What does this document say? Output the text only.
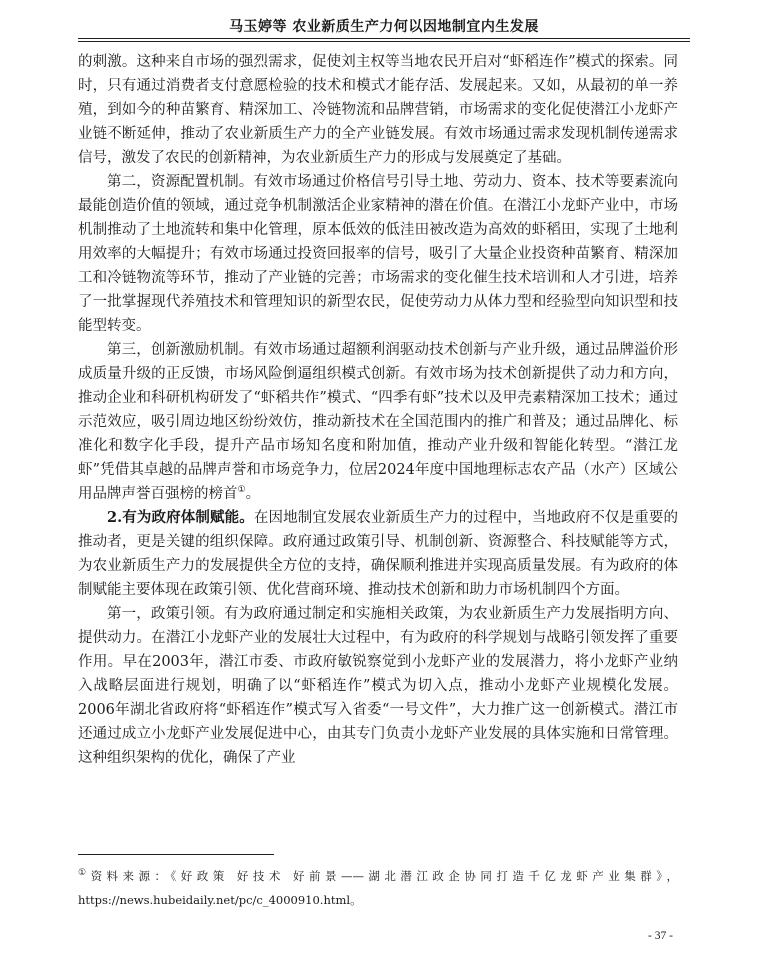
马玉婷等 农业新质生产力何以因地制宜内生发展

的刺激。这种来自市场的强烈需求，促使刘主权等当地农民开启对“虾稻连作”模式的探索。同时，只有通过消费者支付意愿检验的技术和模式才能存活、发展起来。又如，从最初的单一养殖，到如今的种苗繁育、精深加工、冷链物流和品牌营销，市场需求的变化促使潜江小龙虾产业链不断延伸，推动了农业新质生产力的全产业链发展。有效市场通过需求发现机制传递需求信号，激发了农民的创新精神，为农业新质生产力的形成与发展奠定了基础。

第二，资源配置机制。有效市场通过价格信号引导土地、劳动力、资本、技术等要素流向最能创造价值的领域，通过竞争机制激活企业家精神的潜在价值。在潜江小龙虾产业中，市场机制推动了土地流转和集中化管理，原本低效的低洼田被改造为高效的虾稻田，实现了土地利用效率的大幅提升；有效市场通过投资回报率的信号，吸引了大量企业投资种苗繁育、精深加工和冷链物流等环节，推动了产业链的完善；市场需求的变化催生技术培训和人才引进，培养了一批掌握现代养殖技术和管理知识的新型农民，促使劳动力从体力型和经验型向知识型和技能型转变。

第三，创新激励机制。有效市场通过超额利润驱动技术创新与产业升级，通过品牌溢价形成质量升级的正反馈，市场风险倒逼组织模式创新。有效市场为技术创新提供了动力和方向，推动企业和科研机构研发了“虾稻共作”模式、“四季有虾”技术以及甲壳素精深加工技术；通过示范效应，吸引周边地区纷纷效仿，推动新技术在全国范围内的推广和普及；通过品牌化、标准化和数字化手段，提升产品市场知名度和附加值，推动产业升级和智能化转型。“潜江龙虾”凭借其卓越的品牌声誉和市场竞争力，位居2024年度中国地理标志农产品（水产）区域公用品牌声誉百强榜的榜首①。

2.有为政府体制赋能。在因地制宜发展农业新质生产力的过程中，当地政府不仅是重要的推动者，更是关键的组织保障。政府通过政策引导、机制创新、资源整合、科技赋能等方式，为农业新质生产力的发展提供全方位的支持，确保顺利推进并实现高质量发展。有为政府的体制赋能主要体现在政策引领、优化营商环境、推动技术创新和助力市场机制四个方面。

第一，政策引领。有为政府通过制定和实施相关政策，为农业新质生产力发展指明方向、提供动力。在潜江小龙虾产业的发展壮大过程中，有为政府的科学规划与战略引领发挥了重要作用。早在2003年，潜江市委、市政府敏锐察觉到小龙虾产业的发展潜力，将小龙虾产业纳入战略层面进行规划，明确了以“虾稻连作”模式为切入点，推动小龙虾产业规模化发展。2006年湖北省政府将“虾稻连作”模式写入省委“一号文件”，大力推广这一创新模式。潜江市还通过成立小龙虾产业发展促进中心，由其专门负责小龙虾产业发展的具体实施和日常管理。这种组织架构的优化，确保了产业

①资料来源：《好政策 好技术 好前景——湖北潜江政企协同打造千亿龙虾产业集群》，https://news.hubeidaily.net/pc/c_4000910.html。
- 37 -
